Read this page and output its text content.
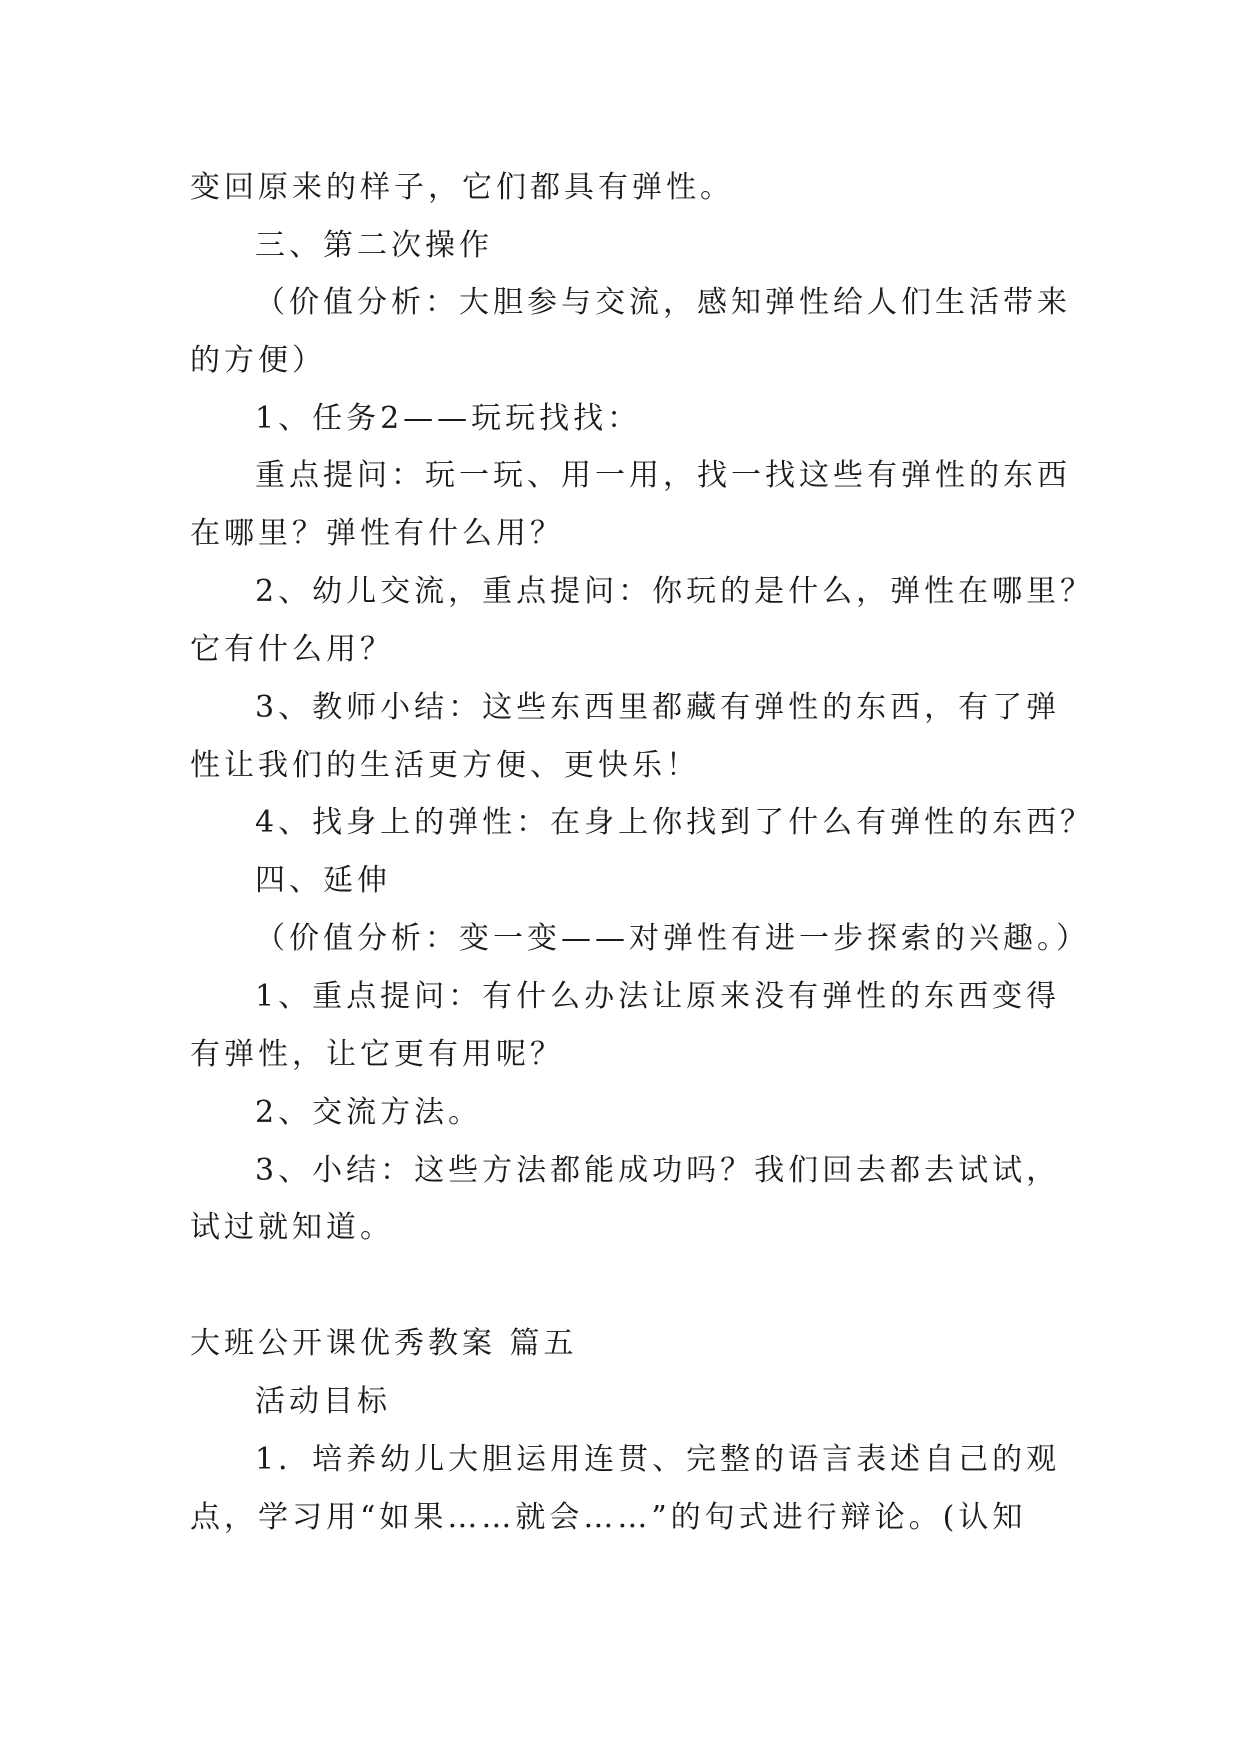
变回原来的样子，它们都具有弹性。
三、第二次操作
（价值分析：大胆参与交流，感知弹性给人们生活带来
的方便）
1、任务2——玩玩找找：
重点提问：玩一玩、用一用，找一找这些有弹性的东西
在哪里？弹性有什么用？
2、幼儿交流，重点提问：你玩的是什么，弹性在哪里？
它有什么用？
3、教师小结：这些东西里都藏有弹性的东西，有了弹
性让我们的生活更方便、更快乐！
4、找身上的弹性：在身上你找到了什么有弹性的东西？
四、延伸
（价值分析：变一变——对弹性有进一步探索的兴趣。）
1、重点提问：有什么办法让原来没有弹性的东西变得
有弹性，让它更有用呢？
2、交流方法。
3、小结：这些方法都能成功吗？我们回去都去试试，
试过就知道。
大班公开课优秀教案 篇五
活动目标
1．培养幼儿大胆运用连贯、完整的语言表述自己的观
点，学习用“如果……就会……”的句式进行辩论。(认知
